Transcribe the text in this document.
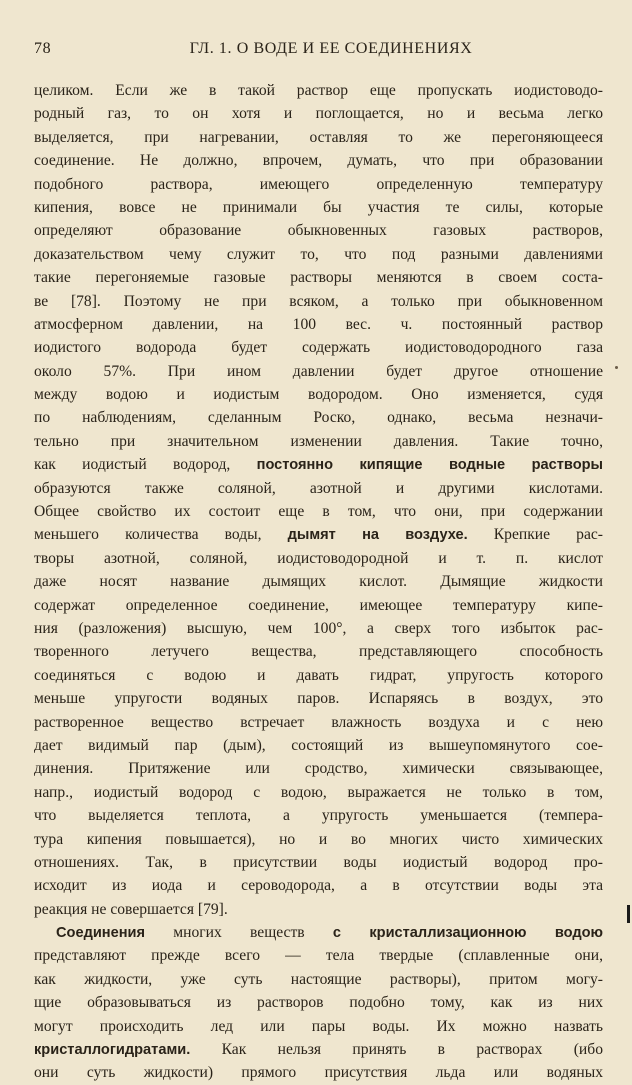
78	ГЛ. 1. О ВОДЕ И ЕЕ СОЕДИНЕНИЯХ
целиком. Если же в такой раствор еще пропускать иодистоводо-
родный газ, то он хотя и поглощается, но и весьма легко
выделяется, при нагревании, оставляя то же перегоняющееся
соединение. Не должно, впрочем, думать, что при образовании
подобного раствора, имеющего определенную температуру
кипения, вовсе не принимали бы участия те силы, которые
определяют образование обыкновенных газовых растворов,
доказательством чему служит то, что под разными давлениями
такие перегоняемые газовые растворы меняются в своем соста-
ве [78]. Поэтому не при всяком, а только при обыкновенном
атмосферном давлении, на 100 вес. ч. постоянный раствор
иодистого водорода будет содержать иодистоводородного газа
около 57%. При ином давлении будет другое отношение
между водою и иодистым водородом. Оно изменяется, судя
по наблюдениям, сделанным Роско, однако, весьма незначи-
тельно при значительном изменении давления. Такие точно,
как иодистый водород, постоянно кипящие водные растворы
образуются также соляной, азотной и другими кислотами.
Общее свойство их состоит еще в том, что они, при содержании
меньшего количества воды, дымят на воздухе. Крепкие рас-
творы азотной, соляной, иодистоводородной и т. п. кислот
даже носят название дымящих кислот. Дымящие жидкости
содержат определенное соединение, имеющее температуру кипе-
ния (разложения) высшую, чем 100°, а сверх того избыток рас-
творенного летучего вещества, представляющего способность
соединяться с водою и давать гидрат, упругость которого
меньше упругости водяных паров. Испаряясь в воздух, это
растворенное вещество встречает влажность воздуха и с нею
дает видимый пар (дым), состоящий из вышеупомянутого сое-
динения. Притяжение или сродство, химически связывающее,
напр., иодистый водород с водою, выражается не только в том,
что выделяется теплота, а упругость уменьшается (темпера-
тура кипения повышается), но и во многих чисто химических
отношениях. Так, в присутствии воды иодистый водород про-
исходит из иода и сероводорода, а в отсутствии воды эта
реакция не совершается [79].
Соединения многих веществ с кристаллизационною водою
представляют прежде всего — тела твердые (сплавленные они,
как жидкости, уже суть настоящие растворы), притом могу-
щие образовываться из растворов подобно тому, как из них
могут происходить лед или пары воды. Их можно назвать
кристаллогидратами. Как нельзя принять в растворах (ибо
они суть жидкости) прямого присутствия льда или водяных
